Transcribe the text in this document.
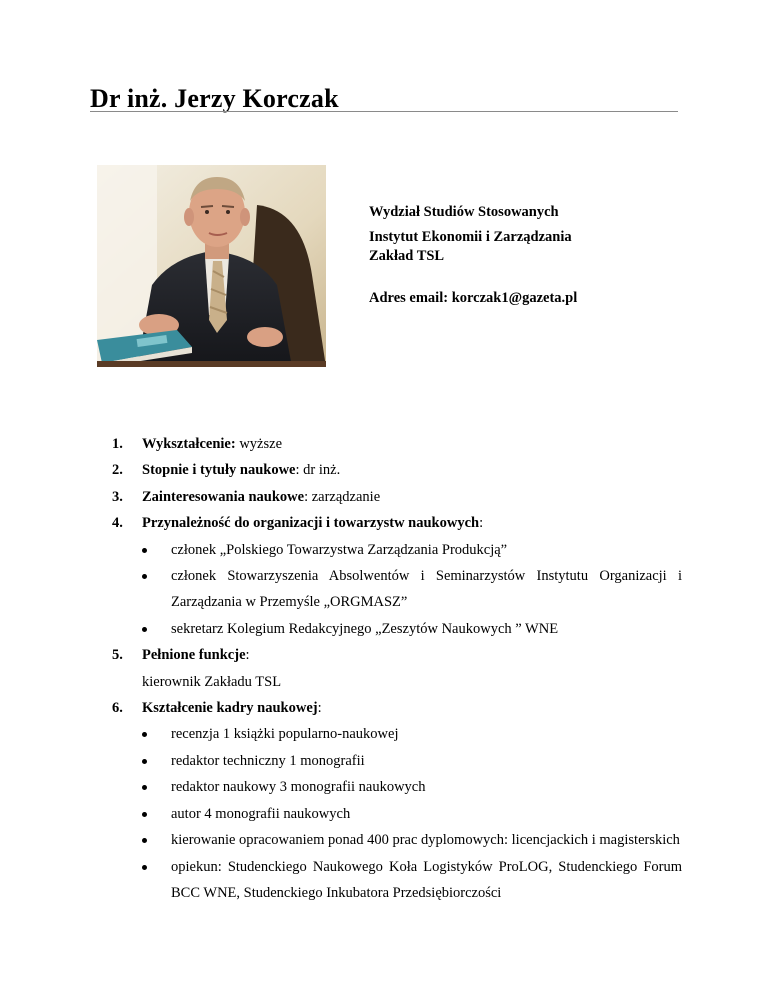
Dr inż. Jerzy Korczak
Wydział Studiów Stosowanych
Instytut Ekonomii i Zarządzania
Zakład TSL
Adres email: korczak1@gazeta.pl
1. Wykształcenie: wyższe
2. Stopnie i tytuły naukowe: dr inż.
3. Zainteresowania naukowe: zarządzanie
4. Przynależność do organizacji i towarzystw naukowych:
członek „Polskiego Towarzystwa Zarządzania Produkcją”
członek Stowarzyszenia Absolwentów i Seminarzystów Instytutu Organizacji i Zarządzania w Przemyśle „ORGMASZ”
sekretarz Kolegium Redakcyjnego „Zeszytów Naukowych ” WNE
5. Pełnione funkcje:
kierownik Zakładu TSL
6. Kształcenie kadry naukowej:
recenzja 1 książki popularno-naukowej
redaktor techniczny 1 monografii
redaktor naukowy 3 monografii naukowych
autor 4 monografii naukowych
kierowanie opracowaniem ponad 400 prac dyplomowych: licencjackich i magisterskich
opiekun: Studenckiego Naukowego Koła Logistyków ProLOG, Studenckiego Forum BCC WNE, Studenckiego Inkubatora Przedsiębiorczości
